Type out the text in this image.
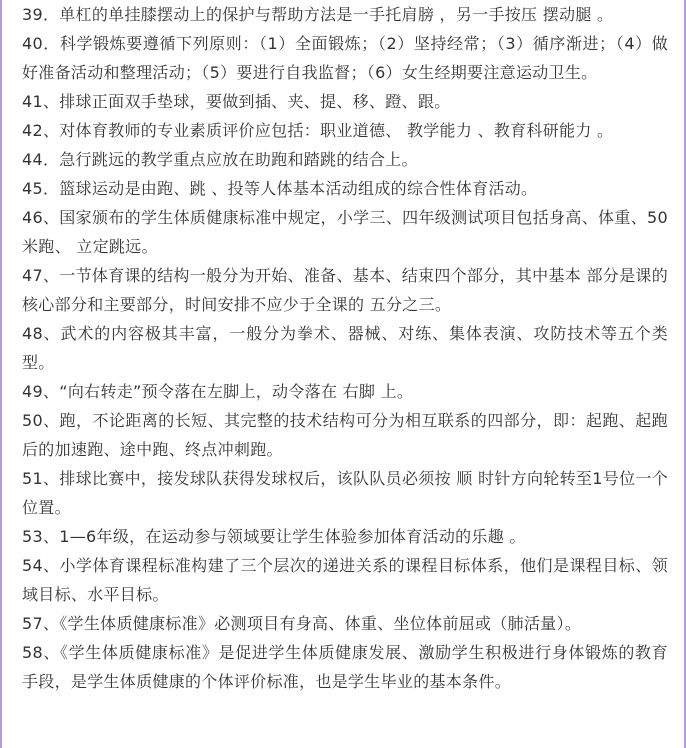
39．单杠的单挂膝摆动上的保护与帮助方法是一手托肩膀 ，另一手按压 摆动腿 。
40．科学锻炼要遵循下列原则：（1）全面锻炼；（2）坚持经常；（3）循序渐进；（4）做好准备活动和整理活动；（5）要进行自我监督；（6）女生经期要注意运动卫生。
41、排球正面双手垫球，要做到插、夹、提、移、蹬、跟。
42、对体育教师的专业素质评价应包括：职业道德、 教学能力 、教育科研能力 。
44．急行跳远的教学重点应放在助跑和踏跳的结合上。
45．篮球运动是由跑、跳 、投等人体基本活动组成的综合性体育活动。
46、国家颁布的学生体质健康标准中规定，小学三、四年级测试项目包括身高、体重、50米跑、 立定跳远。
47、一节体育课的结构一般分为开始、准备、基本、结束四个部分，其中基本 部分是课的核心部分和主要部分，时间安排不应少于全课的 五分之三。
48、武术的内容极其丰富，一般分为拳术、器械、对练、集体表演、攻防技术等五个类型。
49、“向右转走”预令落在左脚上，动令落在 右脚 上。
50、跑，不论距离的长短、其完整的技术结构可分为相互联系的四部分，即：起跑、起跑后的加速跑、途中跑、终点冲刺跑。
51、排球比赛中，接发球队获得发球权后，该队队员必须按 顺 时针方向轮转至1号位一个位置。
53、1—6年级，在运动参与领域要让学生体验参加体育活动的乐趣 。
54、小学体育课程标准构建了三个层次的递进关系的课程目标体系，他们是课程目标、领域目标、水平目标。
57、《学生体质健康标准》必测项目有身高、体重、坐位体前屈或（肺活量）。
58、《学生体质健康标准》是促进学生体质健康发展、激励学生积极进行身体锻炼的教育手段，是学生体质健康的个体评价标准，也是学生毕业的基本条件。
